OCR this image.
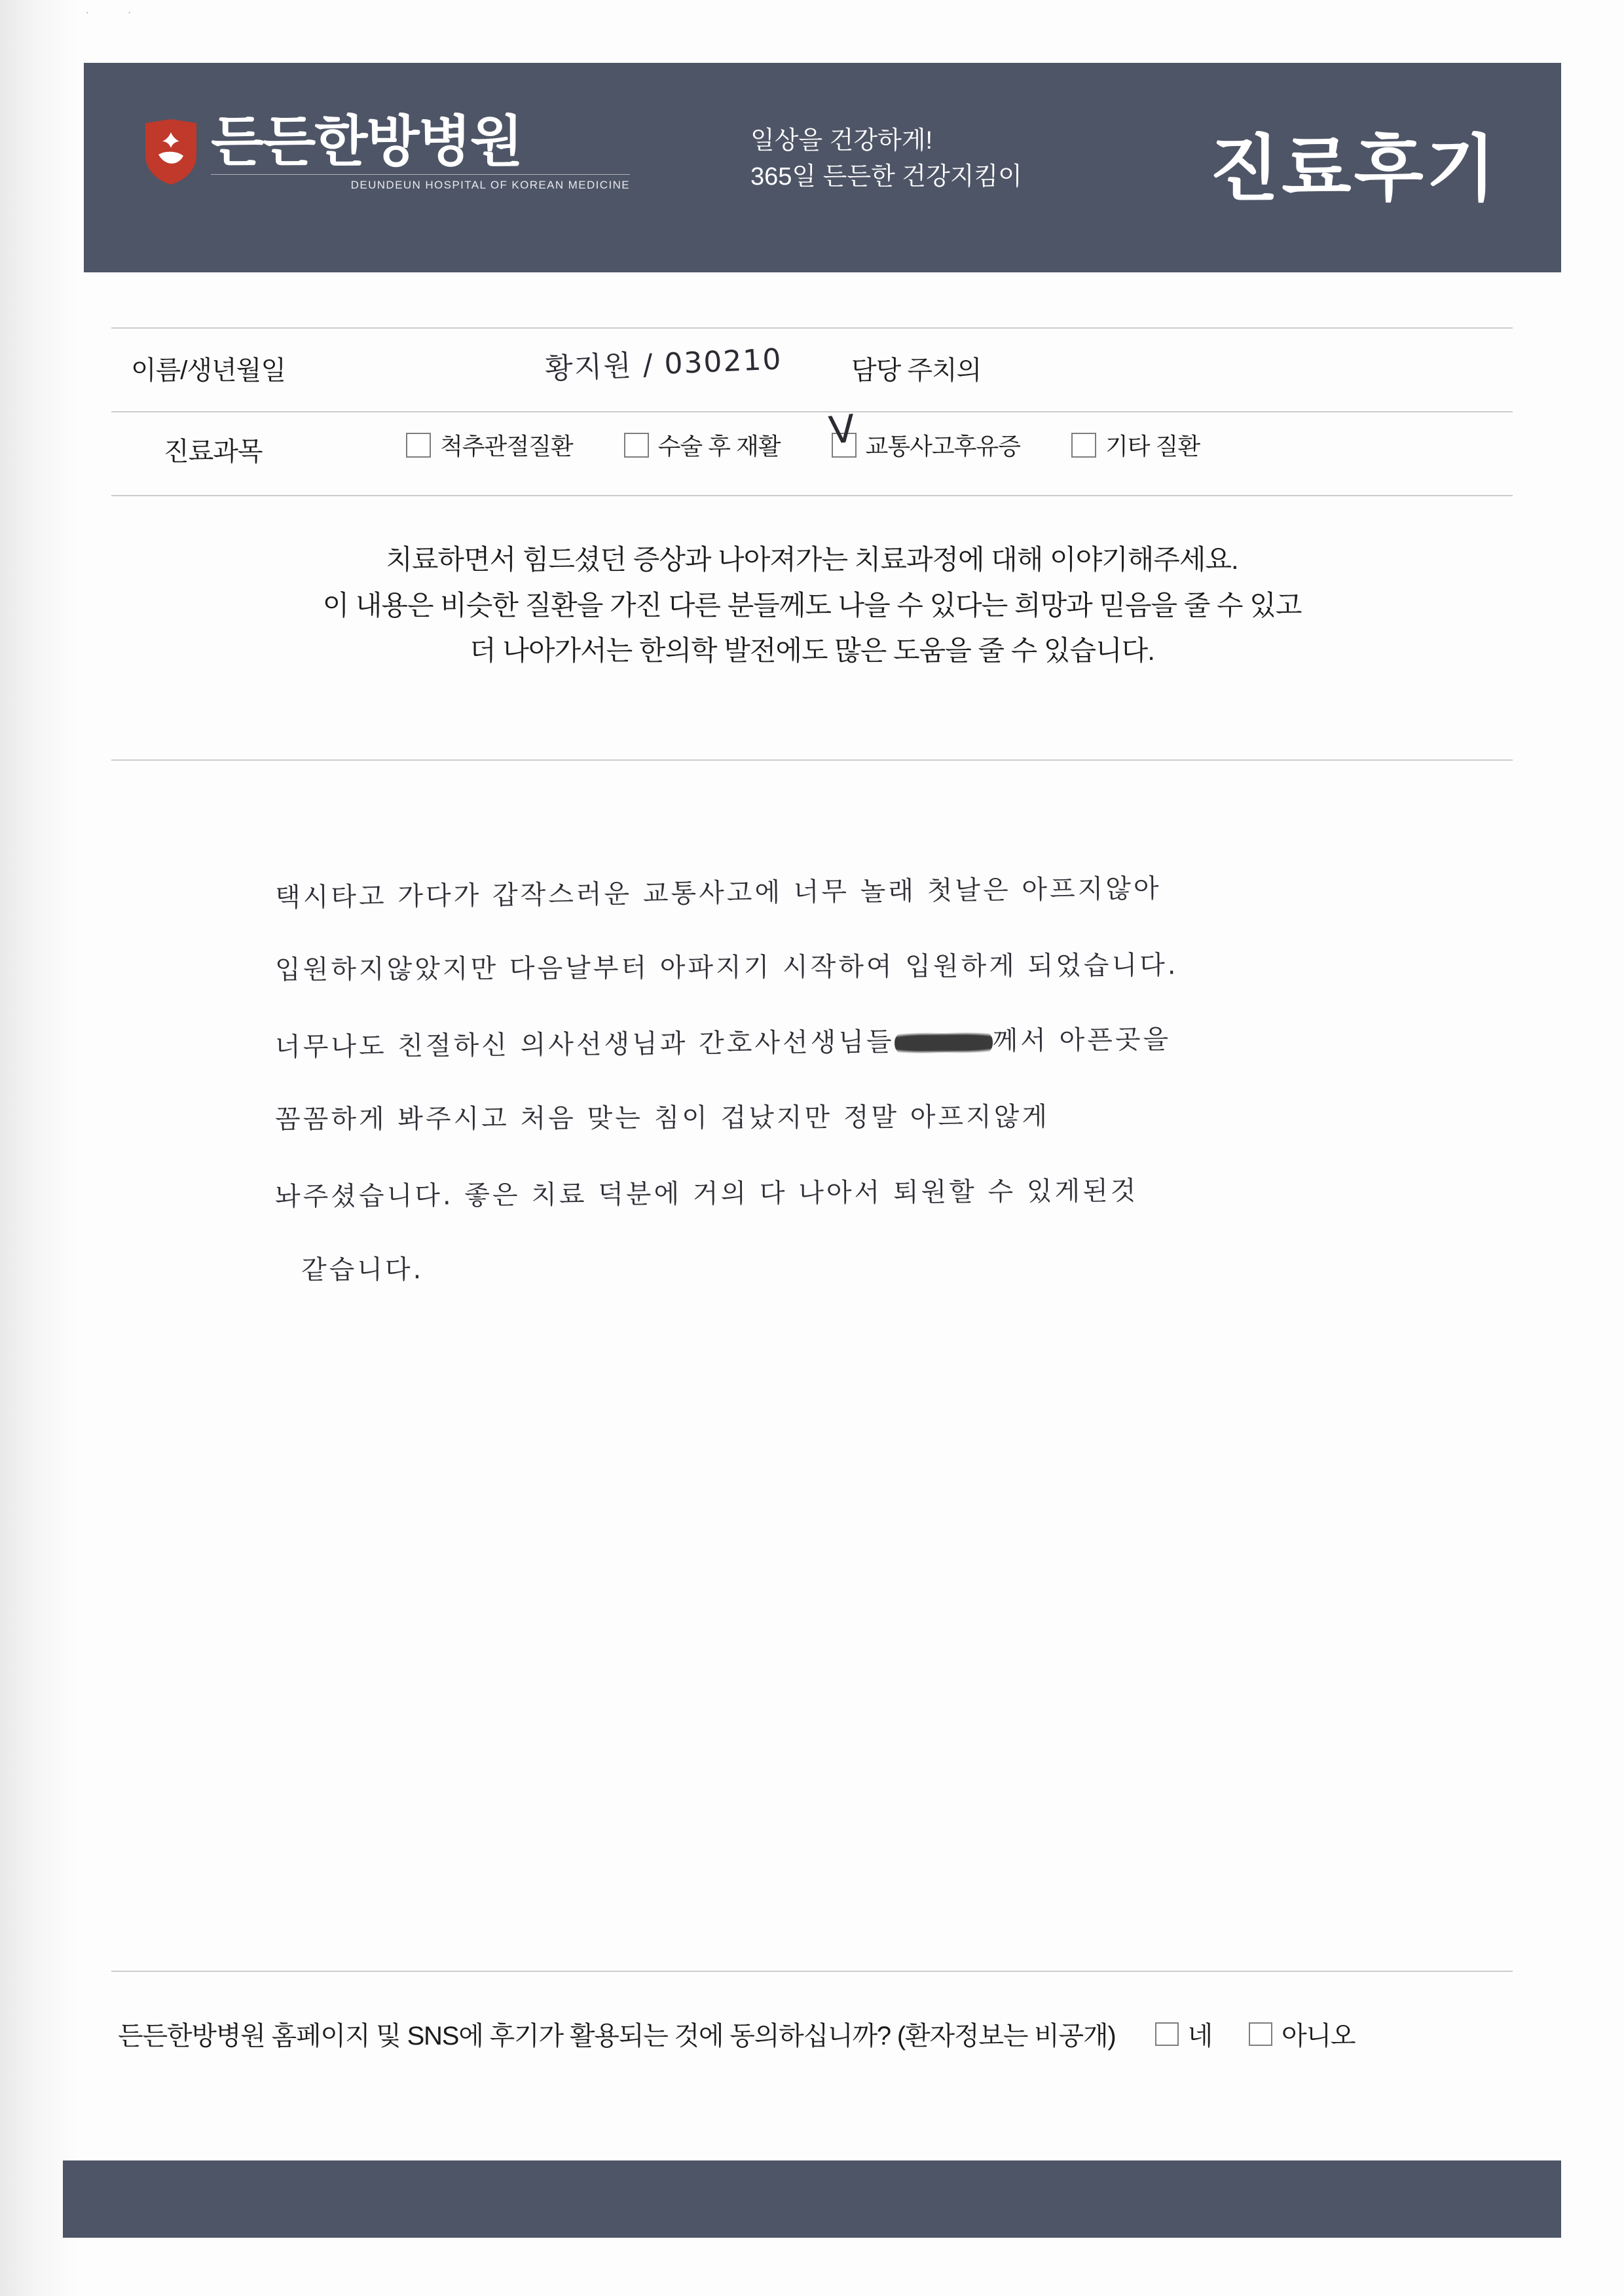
· ·
든든한방병원
DEUNDEUN HOSPITAL OF KOREAN MEDICINE
일상을 건강하게!
365일 든든한 건강지킴이	진료후기
이름/생년월일	황지원 / 030210	담당 주치의
진료과목	척추관절질환	수술 후 재활 V 교통사고후유증	기타 질환
치료하면서 힘드셨던 증상과 나아져가는 치료과정에 대해 이야기해주세요.
이 내용은 비슷한 질환을 가진 다른 분들께도 나을 수 있다는 희망과 믿음을 줄 수 있고
더 나아가서는 한의학 발전에도 많은 도움을 줄 수 있습니다.
택시타고 가다가 갑작스러운 교통사고에 너무 놀래 첫날은 아프지않아
입원하지않았지만 다음날부터 아파지기 시작하여 입원하게 되었습니다.
너무나도 친절하신 의사선생님과 간호사선생님들	께서 아픈곳을
꼼꼼하게 봐주시고 처음 맞는 침이 겁났지만 정말 아프지않게
놔주셨습니다. 좋은 치료 덕분에 거의 다 나아서 퇴원할 수 있게된것
같습니다.
든든한방병원 홈페이지 및 SNS에 후기가 활용되는 것에 동의하십니까? (환자정보는 비공개)	네	아니오
